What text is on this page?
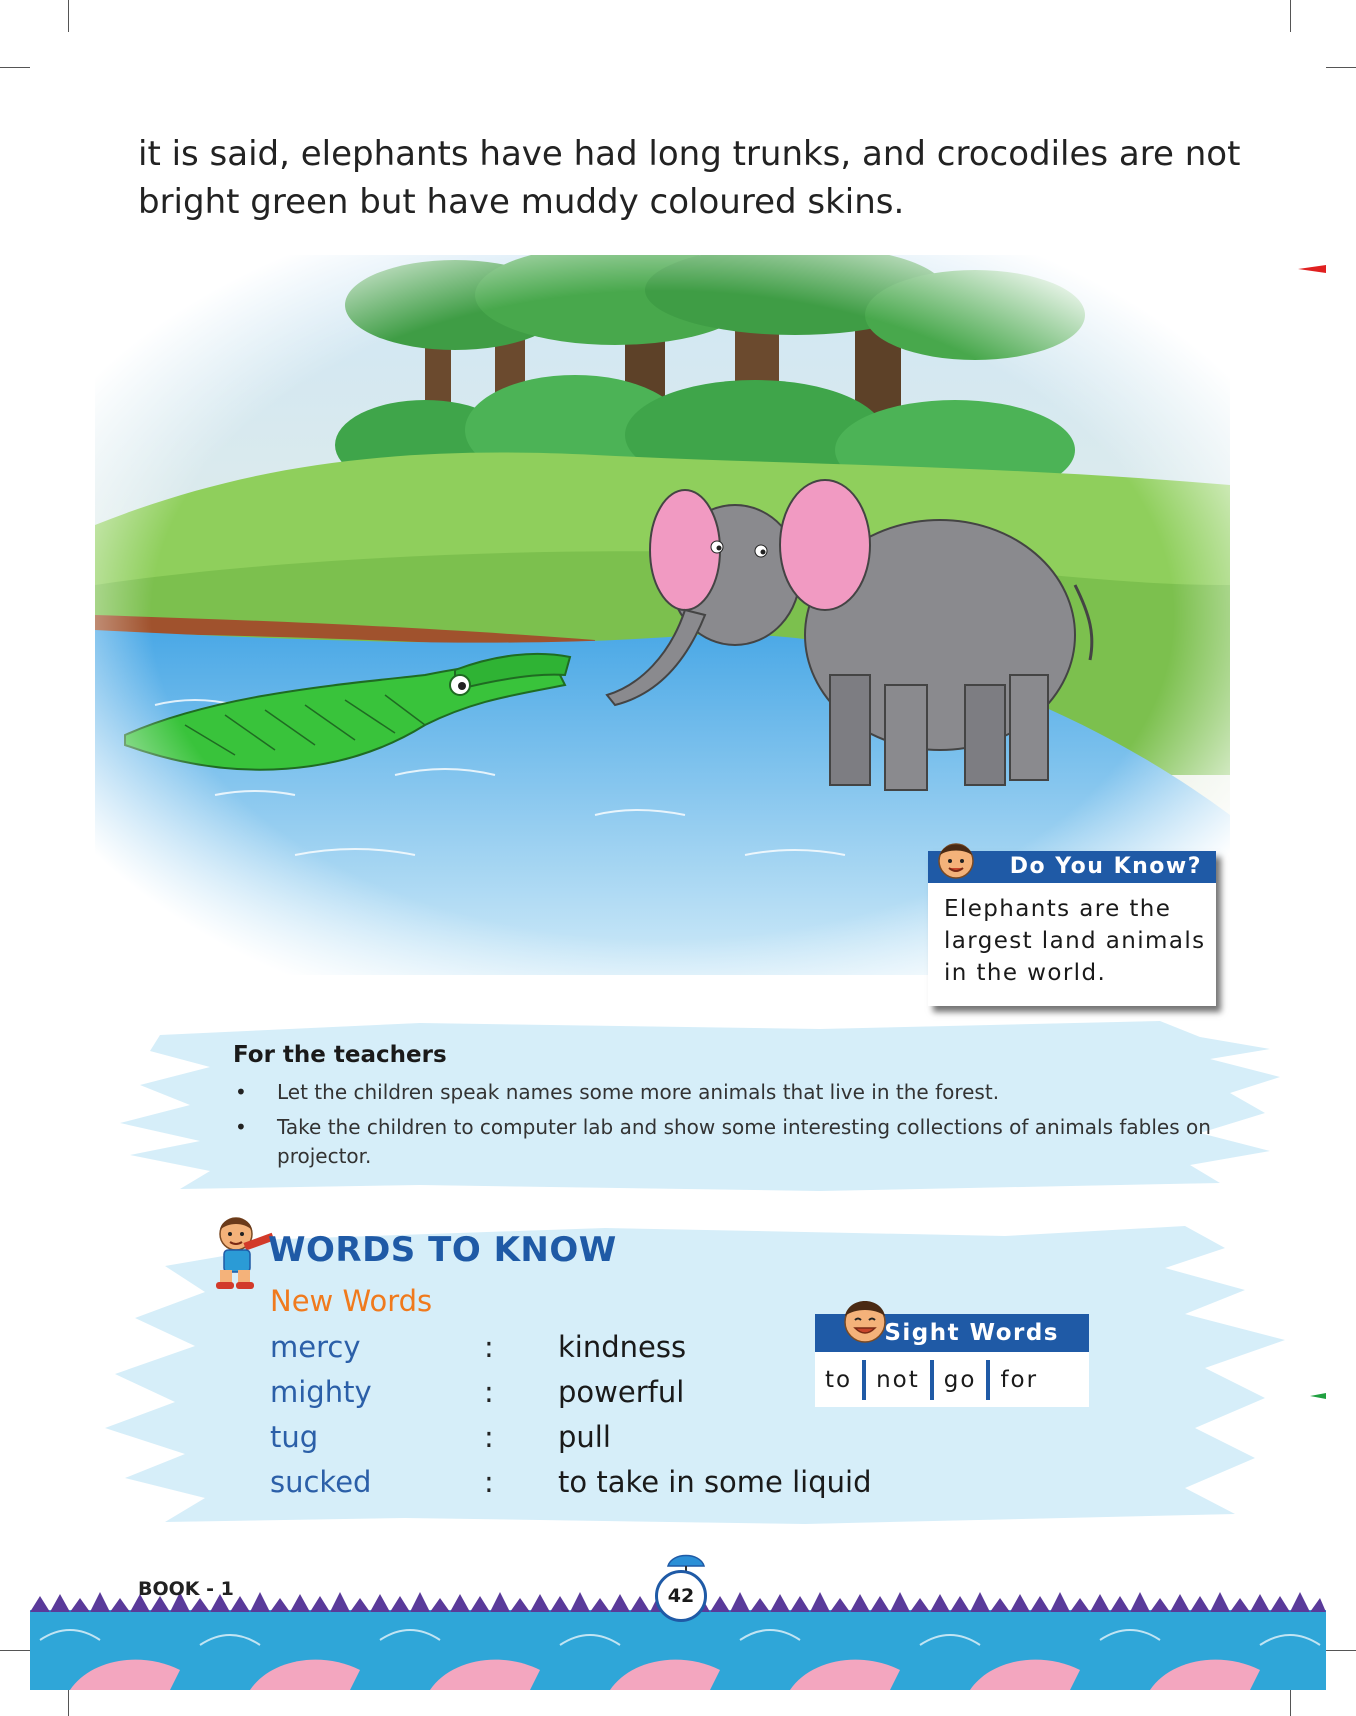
it is said, elephants have had long trunks, and crocodiles are not bright green but have muddy coloured skins.
Do You Know?
Elephants are the largest land animals in the world.
For the teachers
• Let the children speak names some more animals that live in the forest.
• Take the children to computer lab and show some interesting collections of animals fables on projector.
WORDS TO KNOW
New Words
mercy	: kindness
mighty	: powerful
tug	: pull
sucked	: to take in some liquid
Sight Words
to	not	go	for
BOOK - 1	42
